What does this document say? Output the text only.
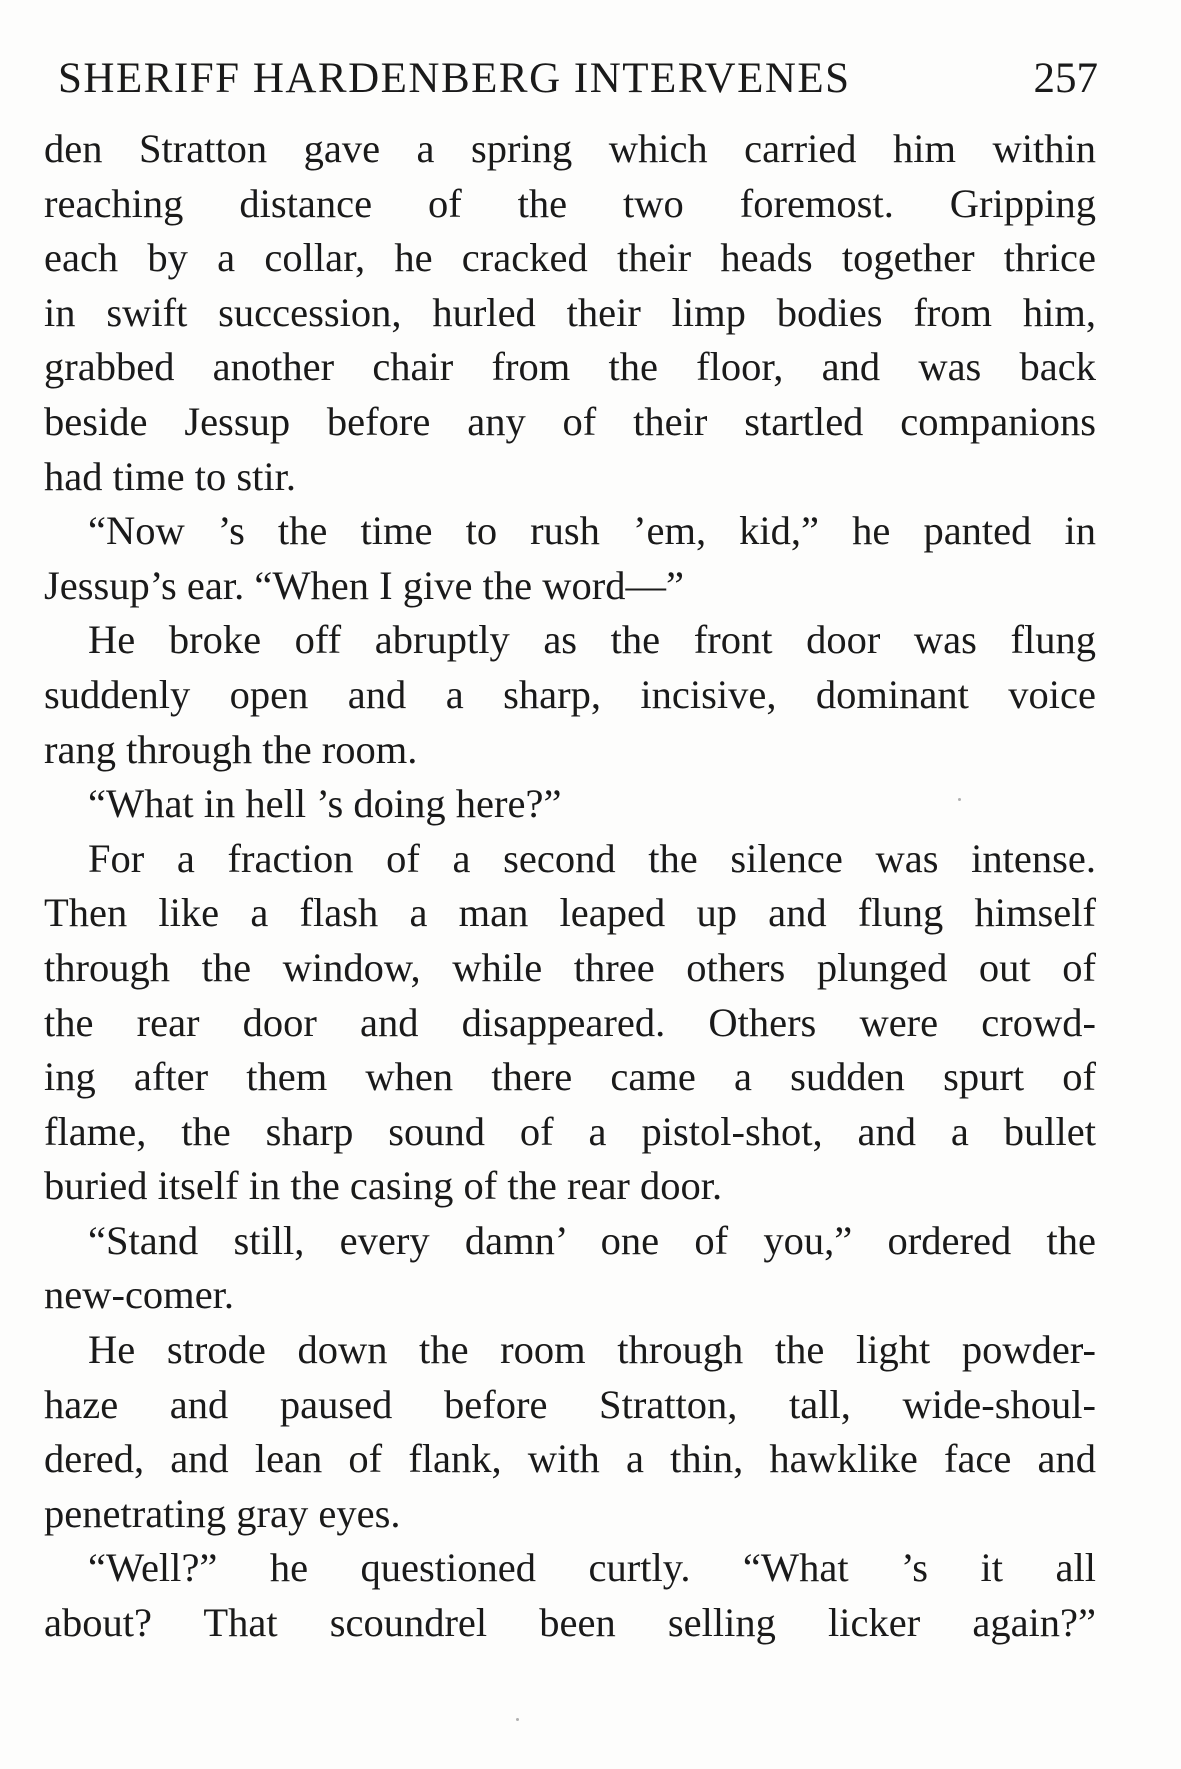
SHERIFF HARDENBERG INTERVENES	257
den Stratton gave a spring which carried him within
reaching distance of the two foremost. Gripping
each by a collar, he cracked their heads together thrice
in swift succession, hurled their limp bodies from him,
grabbed another chair from the floor, and was back
beside Jessup before any of their startled companions
had time to stir.
“Now ’s the time to rush ’em, kid,” he panted in
Jessup’s ear. “When I give the word—”
He broke off abruptly as the front door was flung
suddenly open and a sharp, incisive, dominant voice
rang through the room.
“What in hell ’s doing here?”
For a fraction of a second the silence was intense.
Then like a flash a man leaped up and flung himself
through the window, while three others plunged out of
the rear door and disappeared. Others were crowd-
ing after them when there came a sudden spurt of
flame, the sharp sound of a pistol-shot, and a bullet
buried itself in the casing of the rear door.
“Stand still, every damn’ one of you,” ordered the
new-comer.
He strode down the room through the light powder-
haze and paused before Stratton, tall, wide-shoul-
dered, and lean of flank, with a thin, hawklike face and
penetrating gray eyes.
“Well?” he questioned curtly. “What ’s it all
about? That scoundrel been selling licker again?”
